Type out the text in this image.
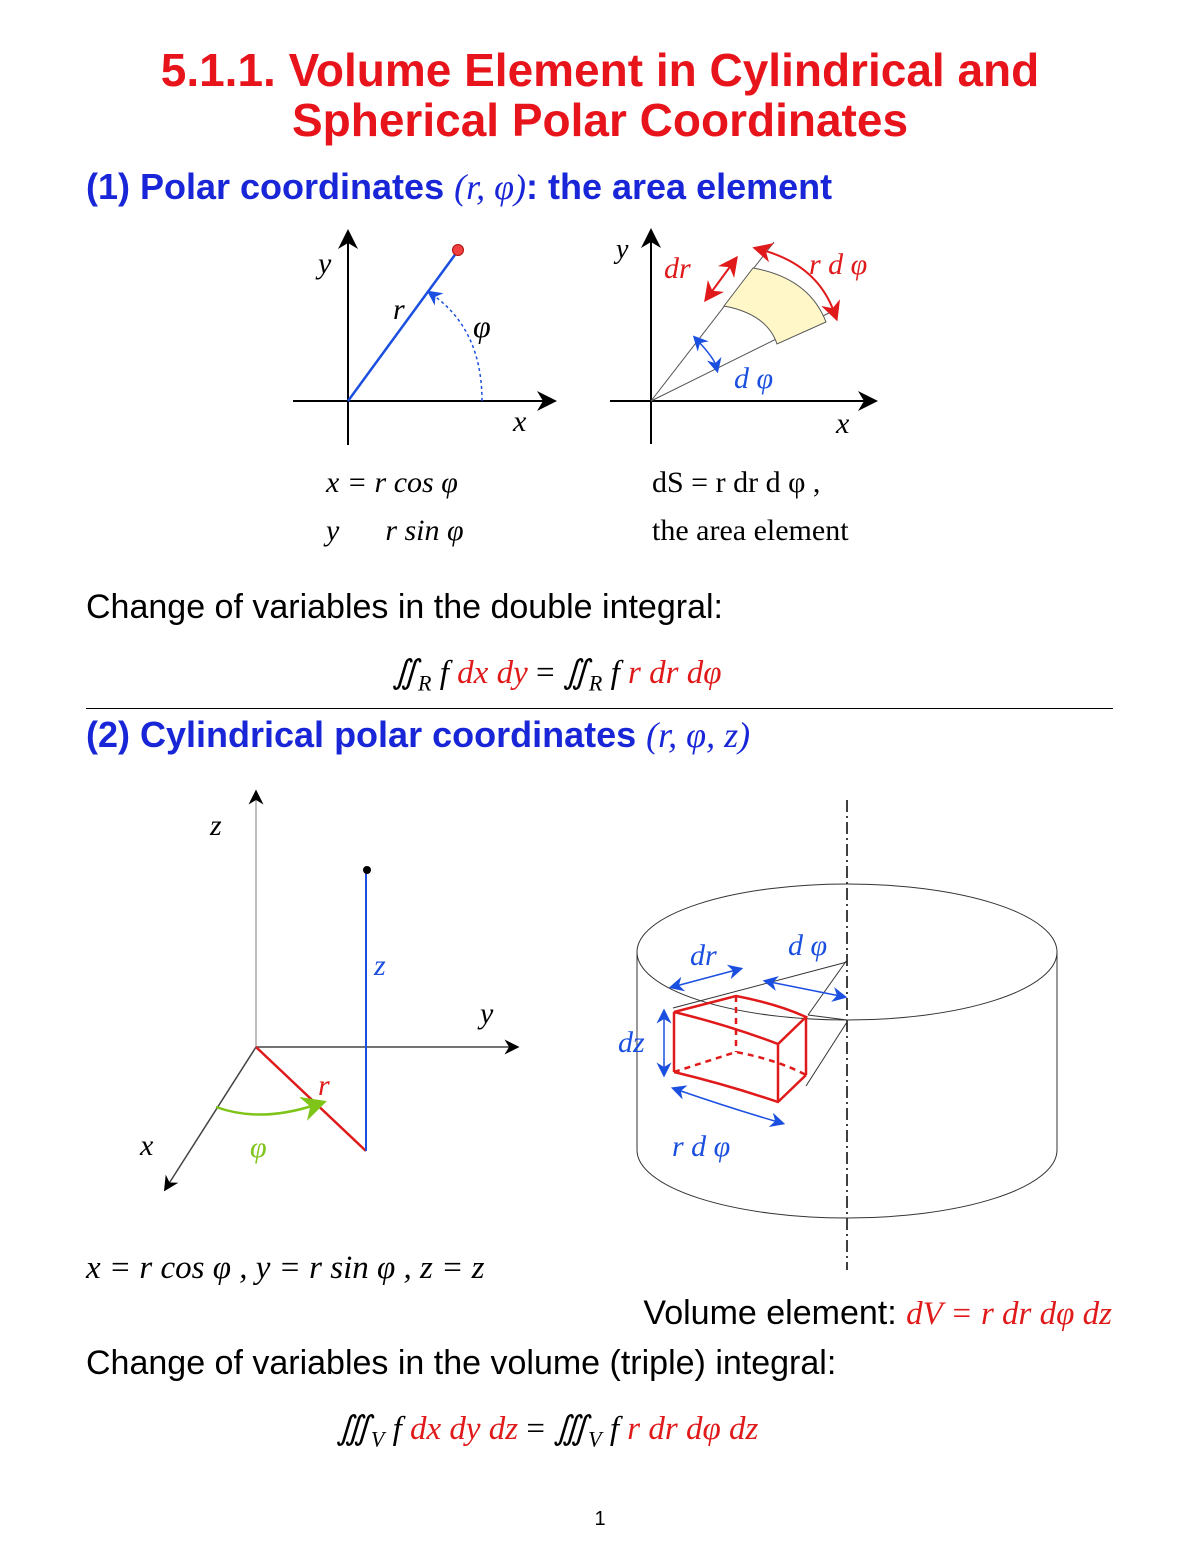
5.1.1. Volume Element in Cylindrical and
Spherical Polar Coordinates
(1) Polar coordinates (r, φ): the area element
y
x
r φ
y
x
dr	r d φ
d φ
x = r cos φ
y r sin φ
dS = r dr d φ ,
the area element
Change of variables in the double integral:
$∬_R$ f dx dy = $∬_R$ f r dr dφ
(2) Cylindrical polar coordinates (r, φ, z)
z
y
x
z
r
φ
dr d φ
dz
r d φ
x = r cos φ , y = r sin φ , z = z
Volume element: dV = r dr dφ dz
Change of variables in the volume (triple) integral:
$∭_V$ f dx dy dz = $∭_V$ f r dr dφ dz
1
